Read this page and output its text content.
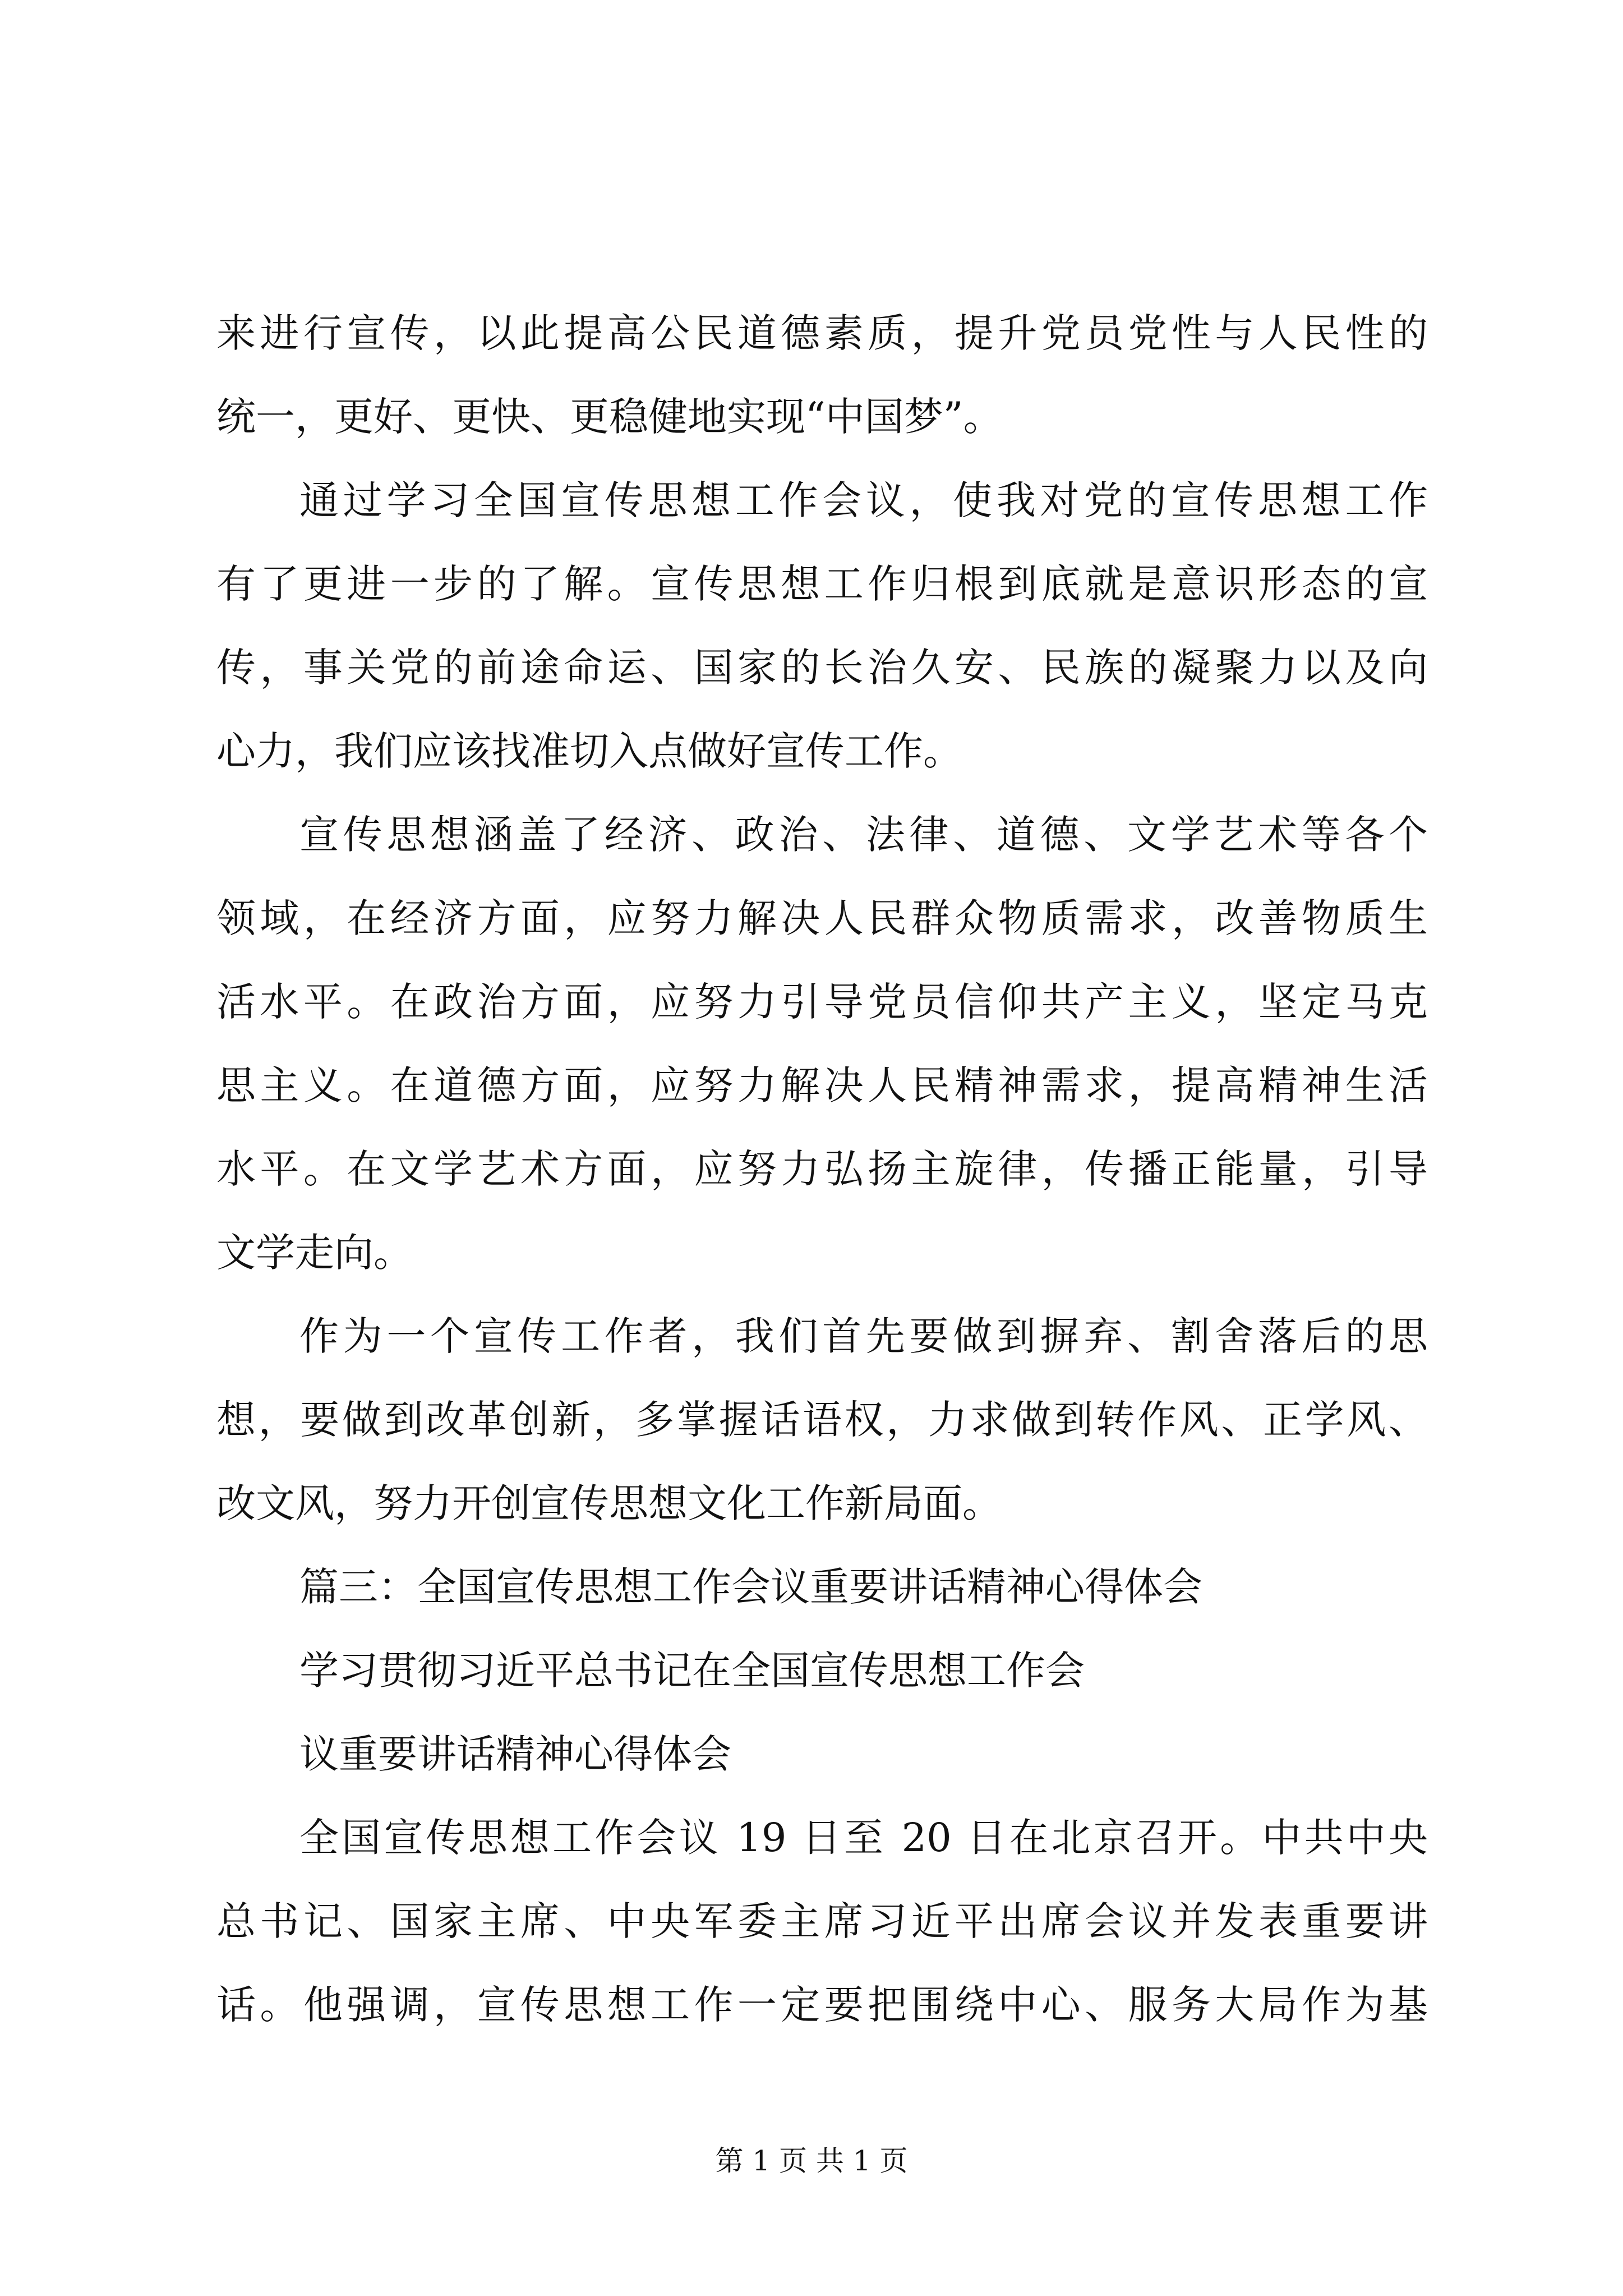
来进行宣传，以此提高公民道德素质，提升党员党性与人民性的
统一，更好、更快、更稳健地实现“中国梦”。
通过学习全国宣传思想工作会议，使我对党的宣传思想工作
有了更进一步的了解。宣传思想工作归根到底就是意识形态的宣
传，事关党的前途命运、国家的长治久安、民族的凝聚力以及向
心力，我们应该找准切入点做好宣传工作。
宣传思想涵盖了经济、政治、法律、道德、文学艺术等各个
领域，在经济方面，应努力解决人民群众物质需求，改善物质生
活水平。在政治方面，应努力引导党员信仰共产主义，坚定马克
思主义。在道德方面，应努力解决人民精神需求，提高精神生活
水平。在文学艺术方面，应努力弘扬主旋律，传播正能量，引导
文学走向。
作为一个宣传工作者，我们首先要做到摒弃、割舍落后的思
想，要做到改革创新，多掌握话语权，力求做到转作风、正学风、
改文风，努力开创宣传思想文化工作新局面。
篇三：全国宣传思想工作会议重要讲话精神心得体会
学习贯彻习近平总书记在全国宣传思想工作会
议重要讲话精神心得体会
全国宣传思想工作会议 19 日至 20 日在北京召开。中共中央
总书记、国家主席、中央军委主席习近平出席会议并发表重要讲
话。他强调，宣传思想工作一定要把围绕中心、服务大局作为基
第 1 页 共 1 页
